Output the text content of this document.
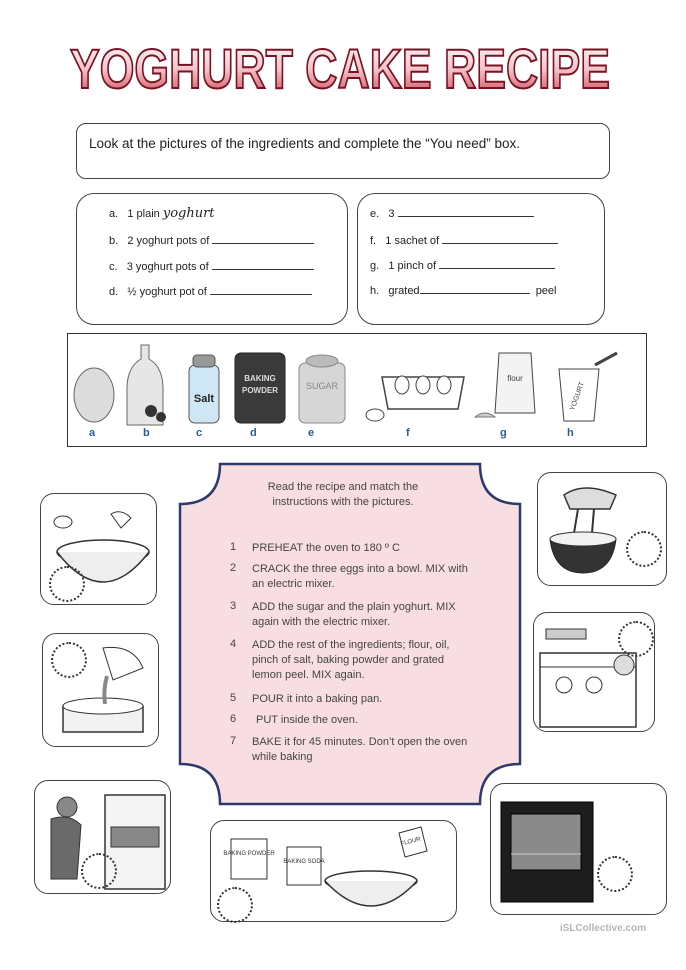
YOGHURT CAKE RECIPE
Look at the pictures of the ingredients and complete the “You need” box.
a. 1 plain yoghurt
b. 2 yoghurt pots of
c. 3 yoghurt pots of
d. ½ yoghurt pot of
e. 3
f. 1 sachet of
g. 1 pinch of
h. grated	peel
Salt
BAKING
POWDER	SUGAR
flour
YOGURT
a	b	c	d	e	f	g	h
Read the recipe and match the instructions with the pictures.
1 PREHEAT the oven to 180 º C
2 CRACK the three eggs into a bowl. MIX with an electric mixer.
3 ADD the sugar and the plain yoghurt. MIX again with the electric mixer.
4 ADD the rest of the ingredients; flour, oil, pinch of salt, baking powder and grated lemon peel. MIX again.
5 POUR it into a baking pan.
6 PUT inside the oven.
7 BAKE it for 45 minutes. Don’t open the oven while baking
BAKING POWDER
BAKING SODA
FLOUR
iSLCollective.com
